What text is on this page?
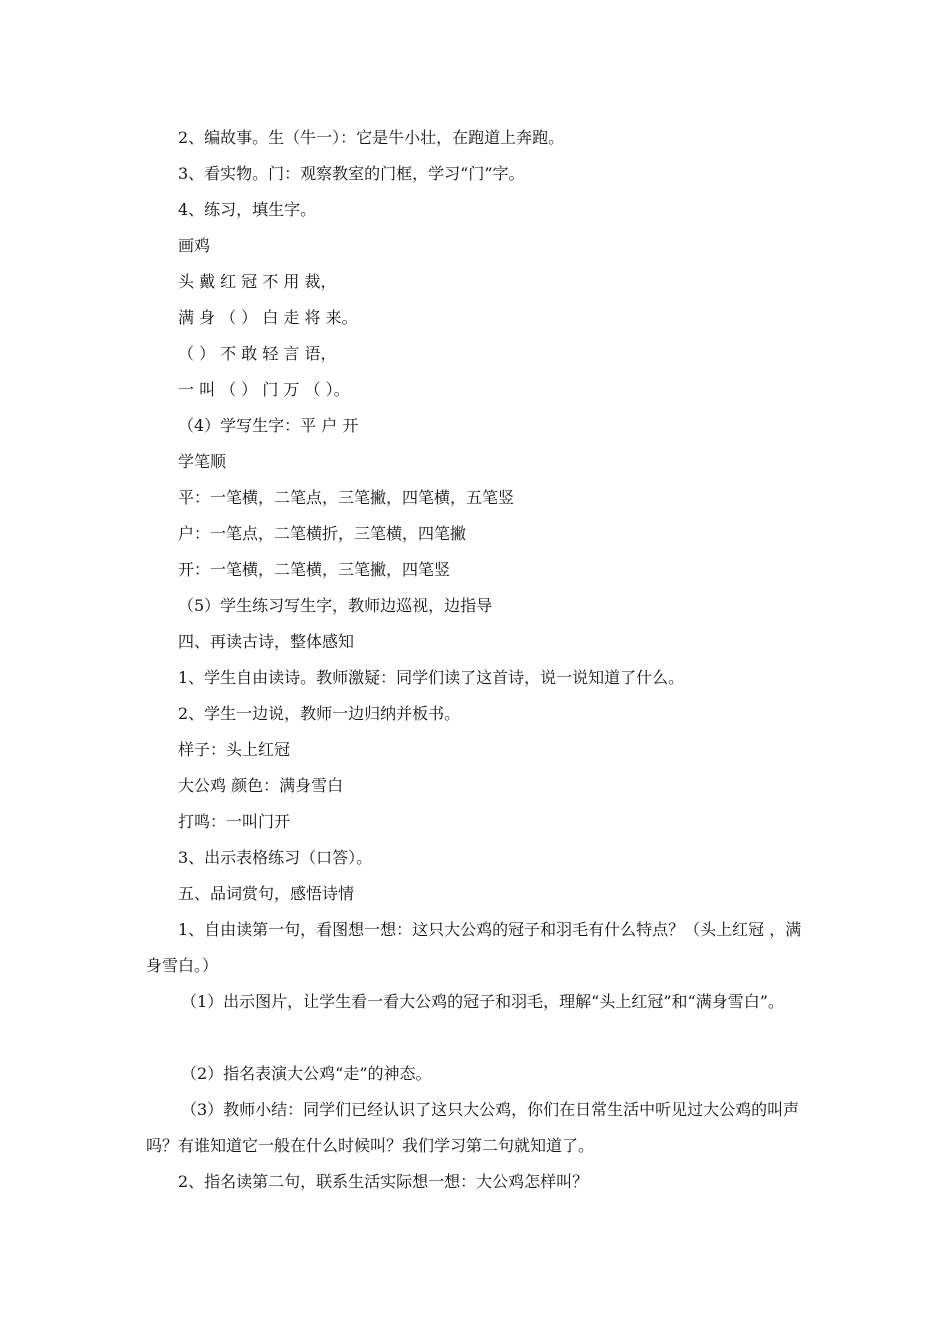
2、编故事。生（牛一）：它是牛小壮，在跑道上奔跑。
3、看实物。门：观察教室的门框，学习“门”字。
4、练习，填生字。
画鸡
头 戴 红 冠 不 用 裁，
满 身 （ ） 白 走 将 来。
（ ） 不 敢 轻 言 语，
一 叫 （ ） 门 万 （ ）。
（4）学写生字：平 户 开
学笔顺
平：一笔横，二笔点，三笔撇，四笔横，五笔竖
户：一笔点，二笔横折，三笔横，四笔撇
开：一笔横，二笔横，三笔撇，四笔竖
（5）学生练习写生字，教师边巡视，边指导
四、再读古诗，整体感知
1、学生自由读诗。教师激疑：同学们读了这首诗，说一说知道了什么。
2、学生一边说，教师一边归纳并板书。
样子：头上红冠
大公鸡 颜色：满身雪白
打鸣：一叫门开
3、出示表格练习（口答）。
五、品词赏句，感悟诗情
1、自由读第一句，看图想一想：这只大公鸡的冠子和羽毛有什么特点？（头上红冠 ，满身雪白。）
（1）出示图片，让学生看一看大公鸡的冠子和羽毛，理解“头上红冠”和“满身雪白”。
（2）指名表演大公鸡“走”的神态。
（3）教师小结：同学们已经认识了这只大公鸡，你们在日常生活中听见过大公鸡的叫声吗？有谁知道它一般在什么时候叫？我们学习第二句就知道了。
2、指名读第二句，联系生活实际想一想：大公鸡怎样叫？
